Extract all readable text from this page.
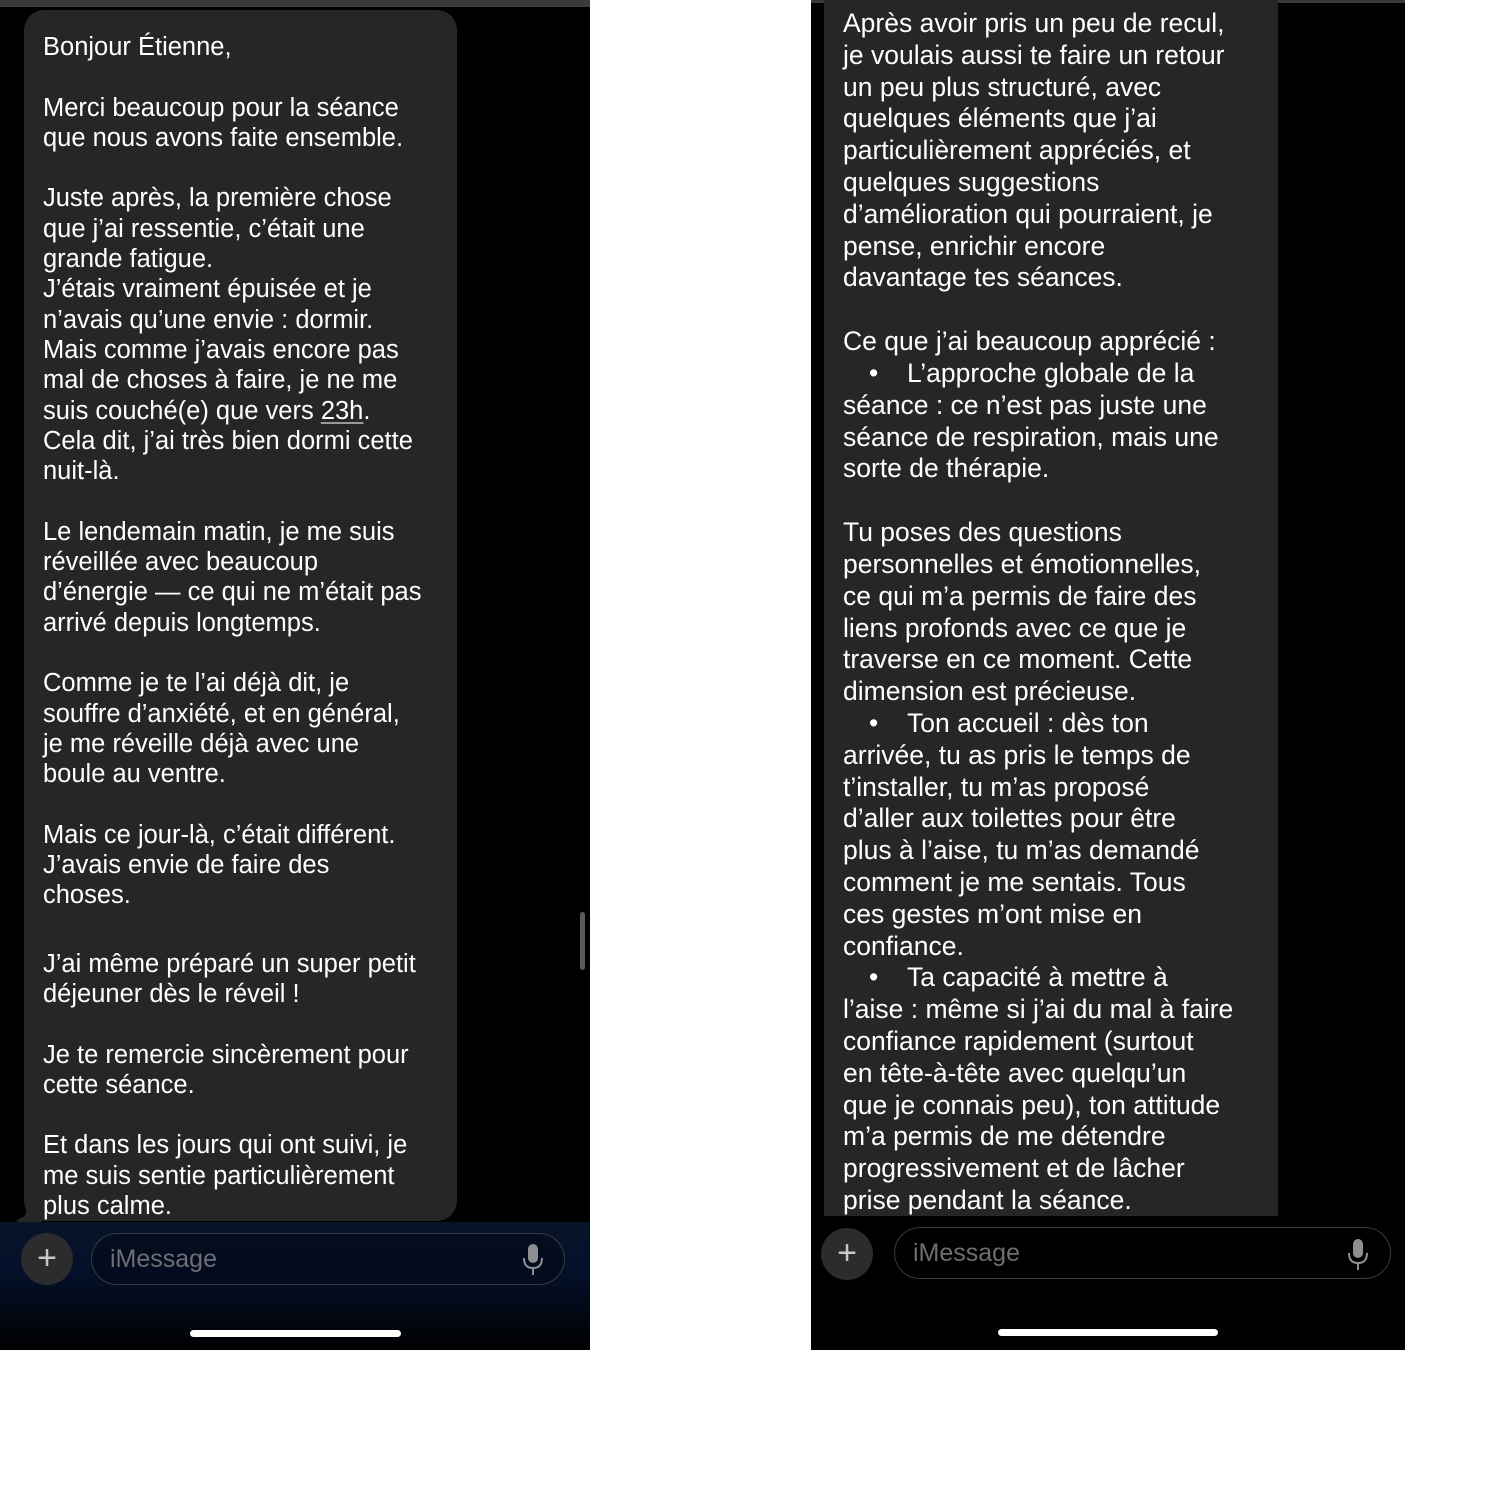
Bonjour Étienne,

Merci beaucoup pour la séance

que nous avons faite ensemble.

Juste après, la première chose

que j’ai ressentie, c’était une

grande fatigue.

J’étais vraiment épuisée et je

n’avais qu’une envie : dormir.

Mais comme j’avais encore pas

mal de choses à faire, je ne me

suis couché(e) que vers 23h.

Cela dit, j’ai très bien dormi cette

nuit-là.

Le lendemain matin, je me suis

réveillée avec beaucoup

d’énergie — ce qui ne m’était pas

arrivé depuis longtemps.

Comme je te l’ai déjà dit, je

souffre d’anxiété, et en général,

je me réveille déjà avec une

boule au ventre.

Mais ce jour-là, c’était différent.

J’avais envie de faire des

choses.

J’ai même préparé un super petit

déjeuner dès le réveil !

Je te remercie sincèrement pour

cette séance.

Et dans les jours qui ont suivi, je

me suis sentie particulièrement

plus calme.

+	iMessage

Après avoir pris un peu de recul,

je voulais aussi te faire un retour

un peu plus structuré, avec

quelques éléments que j’ai

particulièrement appréciés, et

quelques suggestions

d’amélioration qui pourraient, je

pense, enrichir encore

davantage tes séances.

Ce que j’ai beaucoup apprécié :

• L’approche globale de la

séance : ce n’est pas juste une

séance de respiration, mais une

sorte de thérapie.

Tu poses des questions

personnelles et émotionnelles,

ce qui m’a permis de faire des

liens profonds avec ce que je

traverse en ce moment. Cette

dimension est précieuse.

• Ton accueil : dès ton

arrivée, tu as pris le temps de

t’installer, tu m’as proposé

d’aller aux toilettes pour être

plus à l’aise, tu m’as demandé

comment je me sentais. Tous

ces gestes m’ont mise en

confiance.

• Ta capacité à mettre à

l’aise : même si j’ai du mal à faire

confiance rapidement (surtout

en tête-à-tête avec quelqu’un

que je connais peu), ton attitude

m’a permis de me détendre

progressivement et de lâcher

prise pendant la séance.

+	iMessage
